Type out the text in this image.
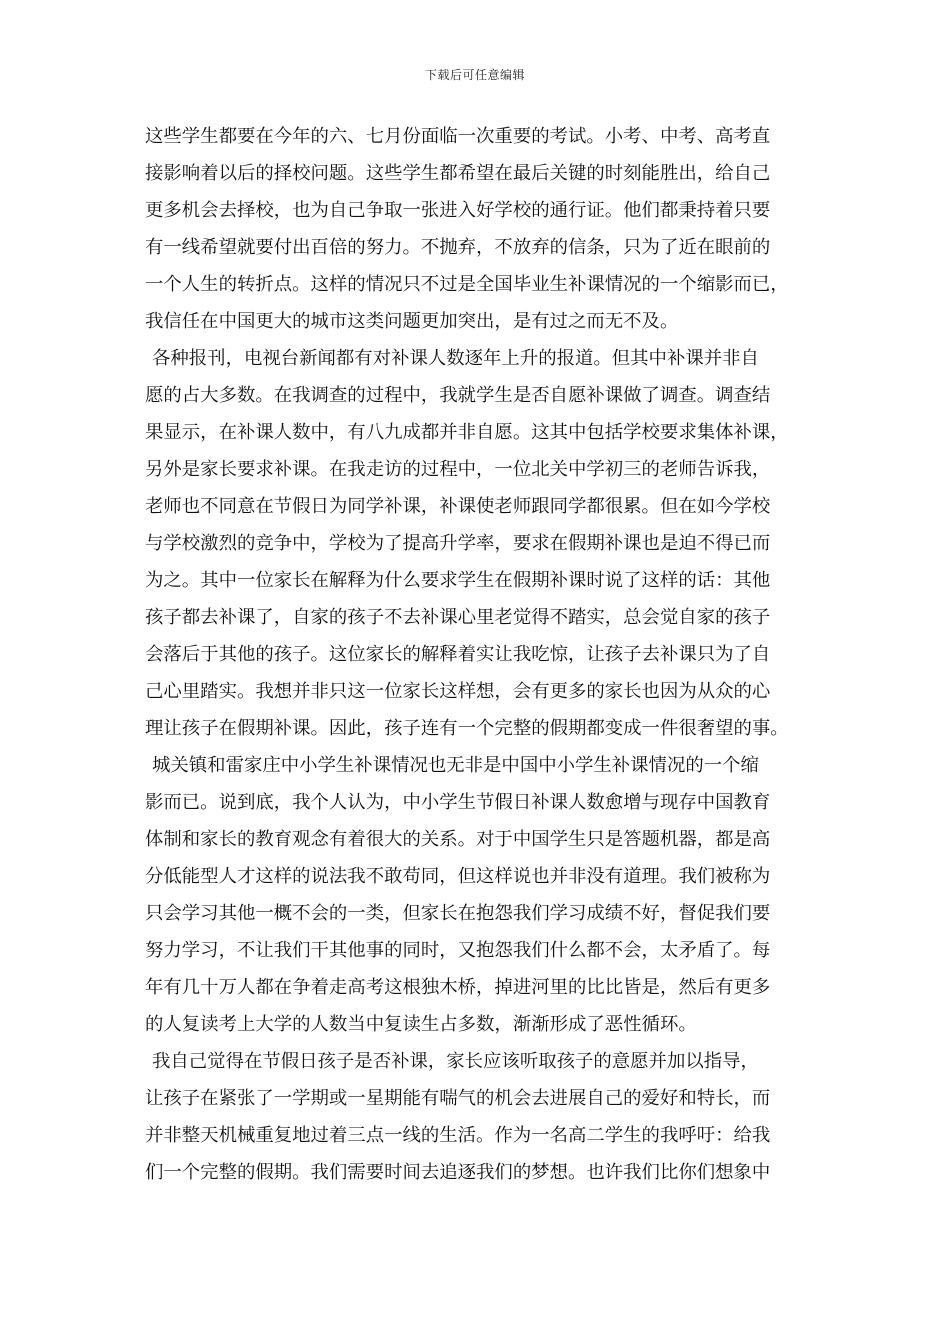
下载后可任意编辑
这些学生都要在今年的六、七月份面临一次重要的考试。小考、中考、高考直
接影响着以后的择校问题。这些学生都希望在最后关键的时刻能胜出，给自己
更多机会去择校，也为自己争取一张进入好学校的通行证。他们都秉持着只要
有一线希望就要付出百倍的努力。不抛弃，不放弃的信条，只为了近在眼前的
一个人生的转折点。这样的情况只不过是全国毕业生补课情况的一个缩影而已，
我信任在中国更大的城市这类问题更加突出，是有过之而无不及。
各种报刊，电视台新闻都有对补课人数逐年上升的报道。但其中补课并非自
愿的占大多数。在我调查的过程中，我就学生是否自愿补课做了调查。调查结
果显示，在补课人数中，有八九成都并非自愿。这其中包括学校要求集体补课，
另外是家长要求补课。在我走访的过程中，一位北关中学初三的老师告诉我，
老师也不同意在节假日为同学补课，补课使老师跟同学都很累。但在如今学校
与学校激烈的竞争中，学校为了提高升学率，要求在假期补课也是迫不得已而
为之。其中一位家长在解释为什么要求学生在假期补课时说了这样的话：其他
孩子都去补课了，自家的孩子不去补课心里老觉得不踏实，总会觉自家的孩子
会落后于其他的孩子。这位家长的解释着实让我吃惊，让孩子去补课只为了自
己心里踏实。我想并非只这一位家长这样想，会有更多的家长也因为从众的心
理让孩子在假期补课。因此，孩子连有一个完整的假期都变成一件很奢望的事。
城关镇和雷家庄中小学生补课情况也无非是中国中小学生补课情况的一个缩
影而已。说到底，我个人认为，中小学生节假日补课人数愈增与现存中国教育
体制和家长的教育观念有着很大的关系。对于中国学生只是答题机器，都是高
分低能型人才这样的说法我不敢苟同，但这样说也并非没有道理。我们被称为
只会学习其他一概不会的一类，但家长在抱怨我们学习成绩不好，督促我们要
努力学习，不让我们干其他事的同时，又抱怨我们什么都不会，太矛盾了。每
年有几十万人都在争着走高考这根独木桥，掉进河里的比比皆是，然后有更多
的人复读考上大学的人数当中复读生占多数，渐渐形成了恶性循环。
我自己觉得在节假日孩子是否补课，家长应该听取孩子的意愿并加以指导，
让孩子在紧张了一学期或一星期能有喘气的机会去进展自己的爱好和特长，而
并非整天机械重复地过着三点一线的生活。作为一名高二学生的我呼吁：给我
们一个完整的假期。我们需要时间去追逐我们的梦想。也许我们比你们想象中
